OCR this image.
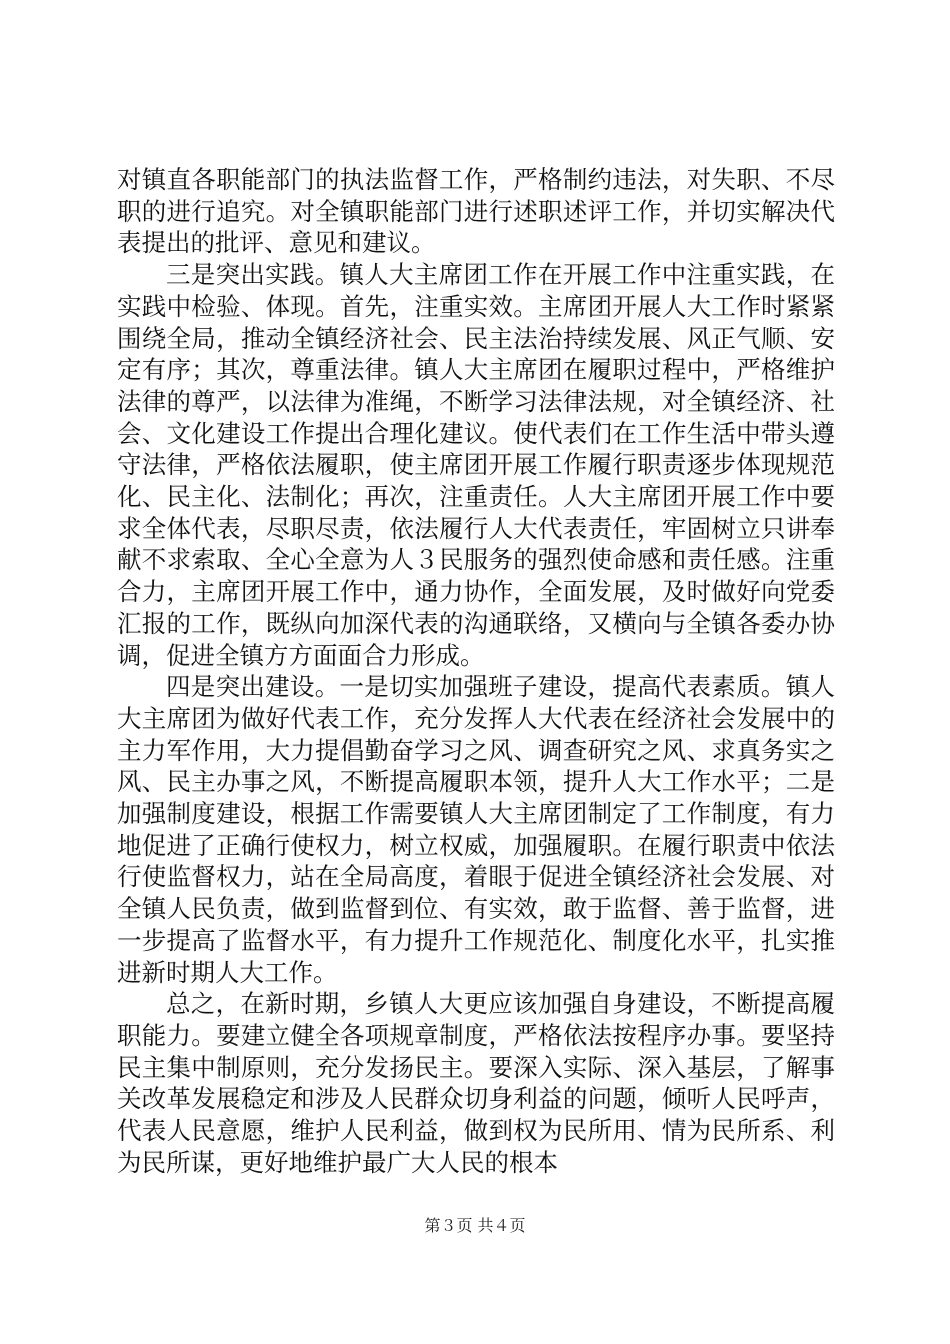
对镇直各职能部门的执法监督工作，严格制约违法，对失职、不尽职的进行追究。对全镇职能部门进行述职述评工作，并切实解决代表提出的批评、意见和建议。

三是突出实践。镇人大主席团工作在开展工作中注重实践，在实践中检验、体现。首先，注重实效。主席团开展人大工作时紧紧围绕全局，推动全镇经济社会、民主法治持续发展、风正气顺、安定有序；其次，尊重法律。镇人大主席团在履职过程中，严格维护法律的尊严，以法律为准绳，不断学习法律法规，对全镇经济、社会、文化建设工作提出合理化建议。使代表们在工作生活中带头遵守法律，严格依法履职，使主席团开展工作履行职责逐步体现规范化、民主化、法制化；再次，注重责任。人大主席团开展工作中要求全体代表，尽职尽责，依法履行人大代表责任，牢固树立只讲奉献不求索取、全心全意为人３民服务的强烈使命感和责任感。注重合力，主席团开展工作中，通力协作，全面发展，及时做好向党委汇报的工作，既纵向加深代表的沟通联络，又横向与全镇各委办协调，促进全镇方方面面合力形成。

四是突出建设。一是切实加强班子建设，提高代表素质。镇人大主席团为做好代表工作，充分发挥人大代表在经济社会发展中的主力军作用，大力提倡勤奋学习之风、调查研究之风、求真务实之风、民主办事之风，不断提高履职本领，提升人大工作水平；二是加强制度建设，根据工作需要镇人大主席团制定了工作制度，有力地促进了正确行使权力，树立权威，加强履职。在履行职责中依法行使监督权力，站在全局高度，着眼于促进全镇经济社会发展、对全镇人民负责，做到监督到位、有实效，敢于监督、善于监督，进一步提高了监督水平，有力提升工作规范化、制度化水平，扎实推进新时期人大工作。

总之，在新时期，乡镇人大更应该加强自身建设，不断提高履职能力。要建立健全各项规章制度，严格依法按程序办事。要坚持民主集中制原则，充分发扬民主。要深入实际、深入基层，了解事关改革发展稳定和涉及人民群众切身利益的问题，倾听人民呼声，代表人民意愿，维护人民利益，做到权为民所用、情为民所系、利为民所谋，更好地维护最广大人民的根本

第３页 共４页
